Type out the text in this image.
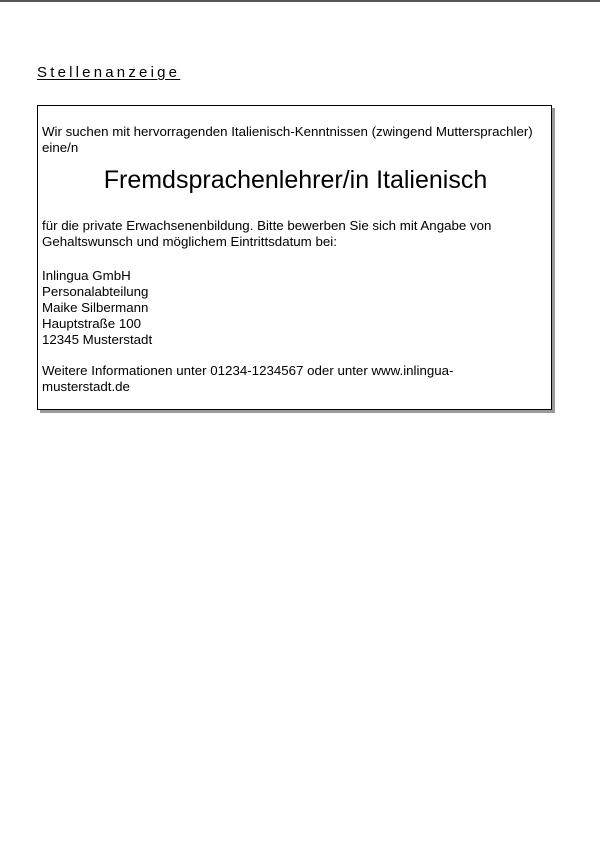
Stellenanzeige

Wir suchen mit hervorragenden Italienisch-Kenntnissen (zwingend Muttersprachler) eine/n

Fremdsprachenlehrer/in Italienisch

für die private Erwachsenenbildung. Bitte bewerben Sie sich mit Angabe von Gehaltswunsch und möglichem Eintrittsdatum bei:

Inlingua GmbH
Personalabteilung
Maike Silbermann
Hauptstraße 100
12345 Musterstadt

Weitere Informationen unter 01234-1234567 oder unter www.inlingua-musterstadt.de
